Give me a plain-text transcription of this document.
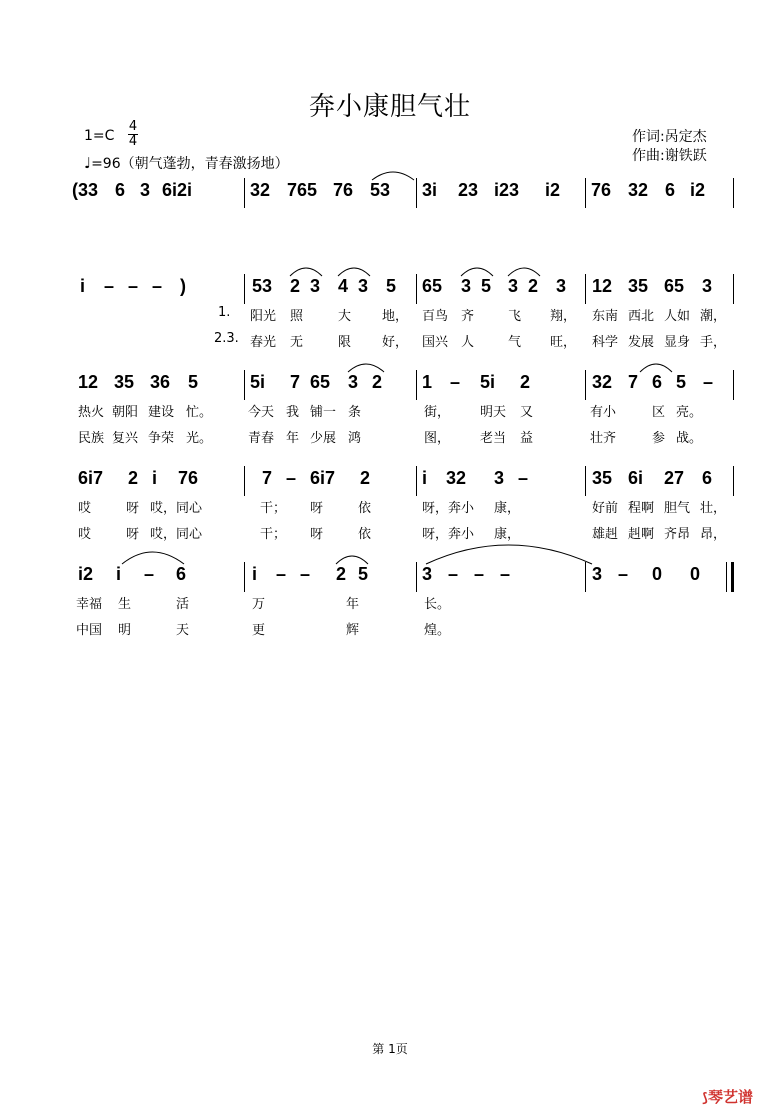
奔小康胆气壮
1=C
4
4
♩=96（朝气蓬勃，青春激扬地）
作词:呙定杰
作曲:谢铁跃
(33 6 3 6i2i	32 765 76 53 3i 23 i23 i2 76 32 6 i2
i – – – )	53 2 3 4 3 5 65 3 5 3 2 3 12 35 65 3
1. 阳光 照	大 地， 百鸟 齐	飞 翔， 东南 西北 人如 潮，
2.3. 春光 无	限 好， 国兴 人	气 旺， 科学 发展 显身 手，
12 35 36 5	5i 7 65 3 2 1 – 5i 2	32 7 6 5 –
热火 朝阳 建设 忙。	今天 我 铺一 条	街， 明天 又	有小	区 亮。
民族 复兴 争荣 光。	青春 年 少展 鸿	图， 老当 益	壮齐	参 战。
6i7 2 i 76	7 – 6i7 2	i 32 3 –	35 6i 27 6
哎	呀 哎，同心	干； 呀	依	呀，奔小 康，	好前 程啊 胆气 壮，
哎	呀 哎，同心	干； 呀	依	呀，奔小 康，	雄赳 赳啊 齐昂 昂，
i2 i – 6	i – – 2 5	3 – – –	3 – 0 0
幸福 生	活	万	年	长。
中国 明	天	更	辉	煌。
第 1页
⟆琴艺谱
